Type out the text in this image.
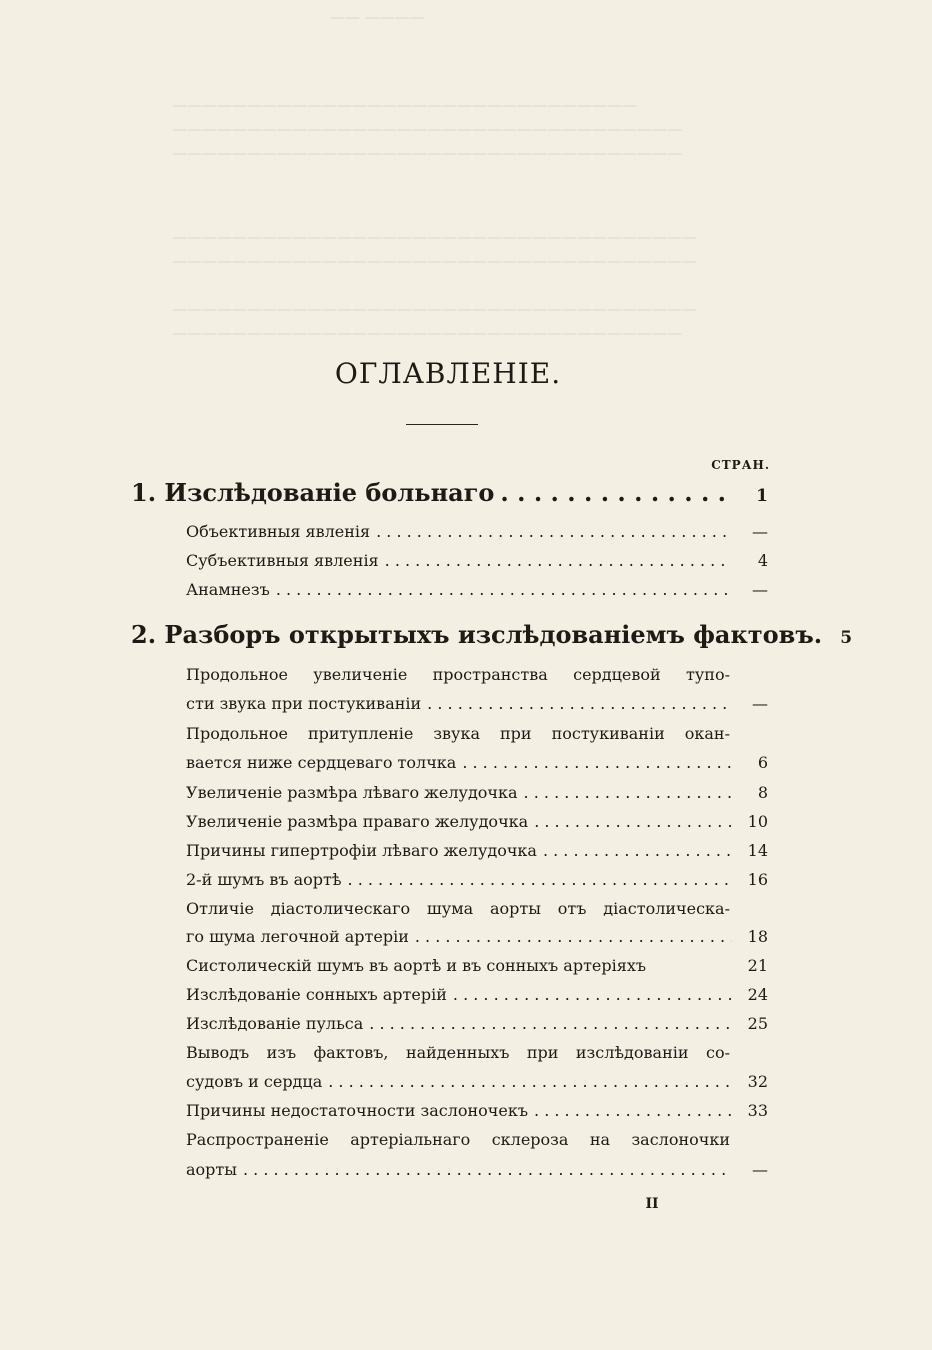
—— ————
———————————————————————————————
——————————————————————————————————
——————————————————————————————————
———————————————————————————————————
———————————————————————————————————
———————————————————————————————————
——————————————————————————————————
ОГЛАВЛЕНІЕ.
СТРАН.
1. Изслѣдованіе больнаго . . .	1
Объективныя явленія . . .	—
Субъективныя явленія . . .	4
Анамнезъ . . .	—
2. Разборъ открытыхъ изслѣдованіемъ фактовъ.	5
Продольное увеличеніе пространства сердцевой тупо-
сти звука при постукиваніи . . .	—
Продольное притупленіе звука при постукиваніи окан-
вается ниже сердцеваго толчка . . .	6
Увеличеніе размѣра лѣваго желудочка . . .	8
Увеличеніе размѣра праваго желудочка . . .	10
Причины гипертрофіи лѣваго желудочка . . .	14
2-й шумъ въ аортѣ . . .	16
Отличіе діастолическаго шума аорты отъ діастолическа-
го шума легочной артеріи . . .	18
Систолическій шумъ въ аортѣ и въ сонныхъ артеріяхъ	21
Изслѣдованіе сонныхъ артерій . . .	24
Изслѣдованіе пульса . . .	25
Выводъ изъ фактовъ, найденныхъ при изслѣдованіи со-
судовъ и сердца . . .	32
Причины недостаточности заслоночекъ . . .	33
Распространеніе артеріальнаго склероза на заслоночки
аорты . . .	—
II
